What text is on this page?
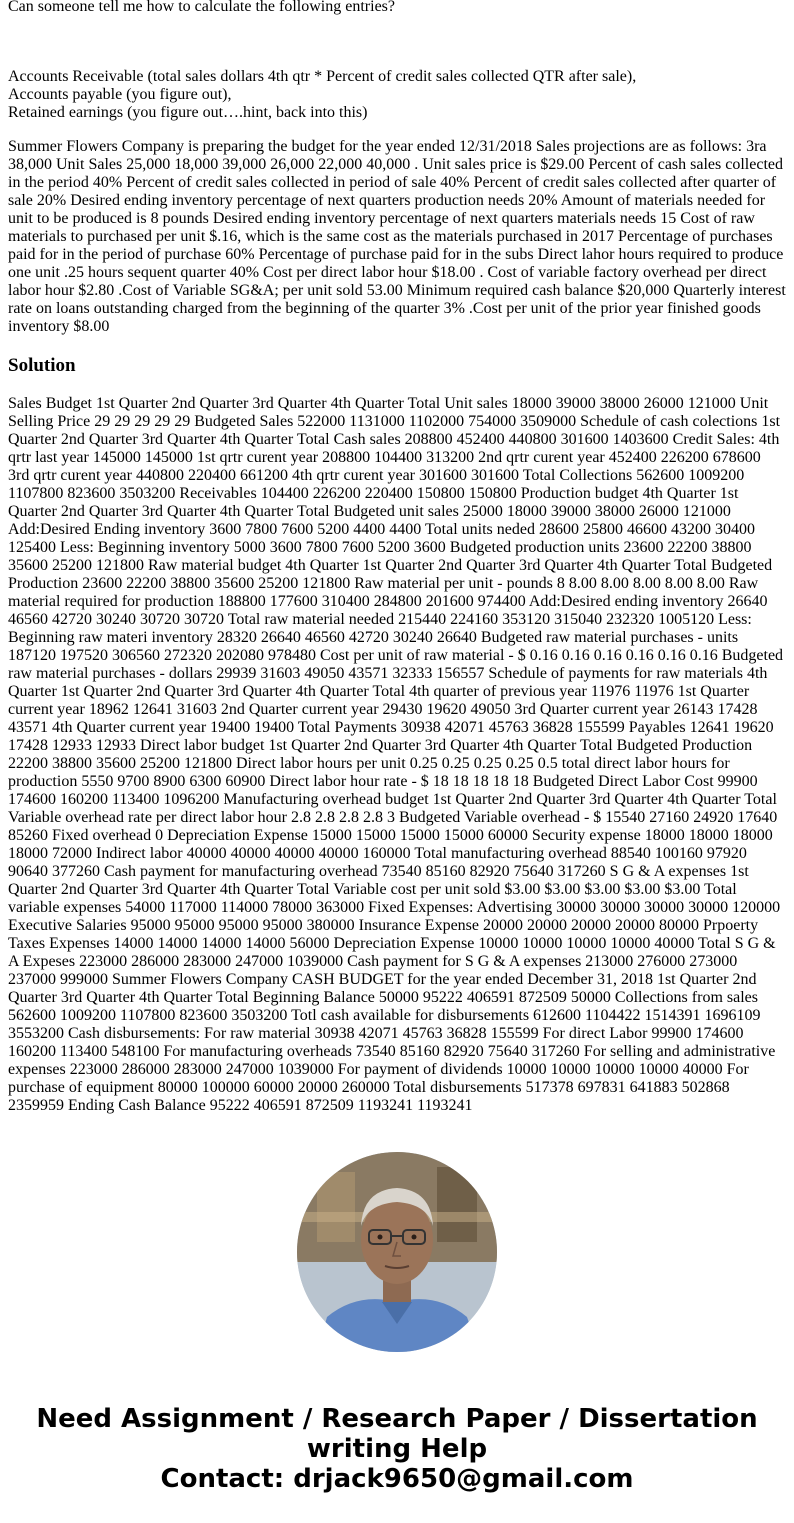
Can someone tell me how to calculate the following entries?

Accounts Receivable (total sales dollars 4th qtr * Percent of credit sales collected QTR after sale),
Accounts payable (you figure out),
Retained earnings (you figure out….hint, back into this)

Summer Flowers Company is preparing the budget for the year ended 12/31/2018 Sales projections are as follows: 3ra 38,000 Unit Sales 25,000 18,000 39,000 26,000 22,000 40,000 . Unit sales price is $29.00 Percent of cash sales collected in the period 40% Percent of credit sales collected in period of sale 40% Percent of credit sales collected after quarter of sale 20% Desired ending inventory percentage of next quarters production needs 20% Amount of materials needed for unit to be produced is 8 pounds Desired ending inventory percentage of next quarters materials needs 15 Cost of raw materials to purchased per unit $.16, which is the same cost as the materials purchased in 2017 Percentage of purchases paid for in the period of purchase 60% Percentage of purchase paid for in the subs Direct lahor hours required to produce one unit .25 hours sequent quarter 40% Cost per direct labor hour $18.00 . Cost of variable factory overhead per direct labor hour $2.80 .Cost of Variable SG&A; per unit sold 53.00 Minimum required cash balance $20,000 Quarterly interest rate on loans outstanding charged from the beginning of the quarter 3% .Cost per unit of the prior year finished goods inventory $8.00

Solution

Sales Budget 1st Quarter 2nd Quarter 3rd Quarter 4th Quarter Total Unit sales 18000 39000 38000 26000 121000 Unit Selling Price 29 29 29 29 29 Budgeted Sales 522000 1131000 1102000 754000 3509000 Schedule of cash colections 1st Quarter 2nd Quarter 3rd Quarter 4th Quarter Total Cash sales 208800 452400 440800 301600 1403600 Credit Sales: 4th qrtr last year 145000 145000 1st qrtr curent year 208800 104400 313200 2nd qrtr curent year 452400 226200 678600 3rd qrtr curent year 440800 220400 661200 4th qrtr curent year 301600 301600 Total Collections 562600 1009200 1107800 823600 3503200 Receivables 104400 226200 220400 150800 150800 Production budget 4th Quarter 1st Quarter 2nd Quarter 3rd Quarter 4th Quarter Total Budgeted unit sales 25000 18000 39000 38000 26000 121000 Add:Desired Ending inventory 3600 7800 7600 5200 4400 4400 Total units neded 28600 25800 46600 43200 30400 125400 Less: Beginning inventory 5000 3600 7800 7600 5200 3600 Budgeted production units 23600 22200 38800 35600 25200 121800 Raw material budget 4th Quarter 1st Quarter 2nd Quarter 3rd Quarter 4th Quarter Total Budgeted Production 23600 22200 38800 35600 25200 121800 Raw material per unit - pounds 8 8.00 8.00 8.00 8.00 8.00 Raw material required for production 188800 177600 310400 284800 201600 974400 Add:Desired ending inventory 26640 46560 42720 30240 30720 30720 Total raw material needed 215440 224160 353120 315040 232320 1005120 Less: Beginning raw materi inventory 28320 26640 46560 42720 30240 26640 Budgeted raw material purchases - units 187120 197520 306560 272320 202080 978480 Cost per unit of raw material - $ 0.16 0.16 0.16 0.16 0.16 0.16 Budgeted raw material purchases - dollars 29939 31603 49050 43571 32333 156557 Schedule of payments for raw materials 4th Quarter 1st Quarter 2nd Quarter 3rd Quarter 4th Quarter Total 4th quarter of previous year 11976 11976 1st Quarter current year 18962 12641 31603 2nd Quarter current year 29430 19620 49050 3rd Quarter current year 26143 17428 43571 4th Quarter current year 19400 19400 Total Payments 30938 42071 45763 36828 155599 Payables 12641 19620 17428 12933 12933 Direct labor budget 1st Quarter 2nd Quarter 3rd Quarter 4th Quarter Total Budgeted Production 22200 38800 35600 25200 121800 Direct labor hours per unit 0.25 0.25 0.25 0.25 0.5 total direct labor hours for production 5550 9700 8900 6300 60900 Direct labor hour rate - $ 18 18 18 18 18 Budgeted Direct Labor Cost 99900 174600 160200 113400 1096200 Manufacturing overhead budget 1st Quarter 2nd Quarter 3rd Quarter 4th Quarter Total Variable overhead rate per direct labor hour 2.8 2.8 2.8 2.8 3 Budgeted Variable overhead - $ 15540 27160 24920 17640 85260 Fixed overhead 0 Depreciation Expense 15000 15000 15000 15000 60000 Security expense 18000 18000 18000 18000 72000 Indirect labor 40000 40000 40000 40000 160000 Total manufacturing overhead 88540 100160 97920 90640 377260 Cash payment for manufacturing overhead 73540 85160 82920 75640 317260 S G & A expenses 1st Quarter 2nd Quarter 3rd Quarter 4th Quarter Total Variable cost per unit sold $3.00 $3.00 $3.00 $3.00 $3.00 Total variable expenses 54000 117000 114000 78000 363000 Fixed Expenses: Advertising 30000 30000 30000 30000 120000 Executive Salaries 95000 95000 95000 95000 380000 Insurance Expense 20000 20000 20000 20000 80000 Prpoerty Taxes Expenses 14000 14000 14000 14000 56000 Depreciation Expense 10000 10000 10000 10000 40000 Total S G & A Expeses 223000 286000 283000 247000 1039000 Cash payment for S G & A expenses 213000 276000 273000 237000 999000 Summer Flowers Company CASH BUDGET for the year ended December 31, 2018 1st Quarter 2nd Quarter 3rd Quarter 4th Quarter Total Beginning Balance 50000 95222 406591 872509 50000 Collections from sales 562600 1009200 1107800 823600 3503200 Totl cash available for disbursements 612600 1104422 1514391 1696109 3553200 Cash disbursements: For raw material 30938 42071 45763 36828 155599 For direct Labor 99900 174600 160200 113400 548100 For manufacturing overheads 73540 85160 82920 75640 317260 For selling and administrative expenses 223000 286000 283000 247000 1039000 For payment of dividends 10000 10000 10000 10000 40000 For purchase of equipment 80000 100000 60000 20000 260000 Total disbursements 517378 697831 641883 502868 2359959 Ending Cash Balance 95222 406591 872509 1193241 1193241

Need Assignment / Research Paper / Dissertation
writing Help
Contact: drjack9650@gmail.com
